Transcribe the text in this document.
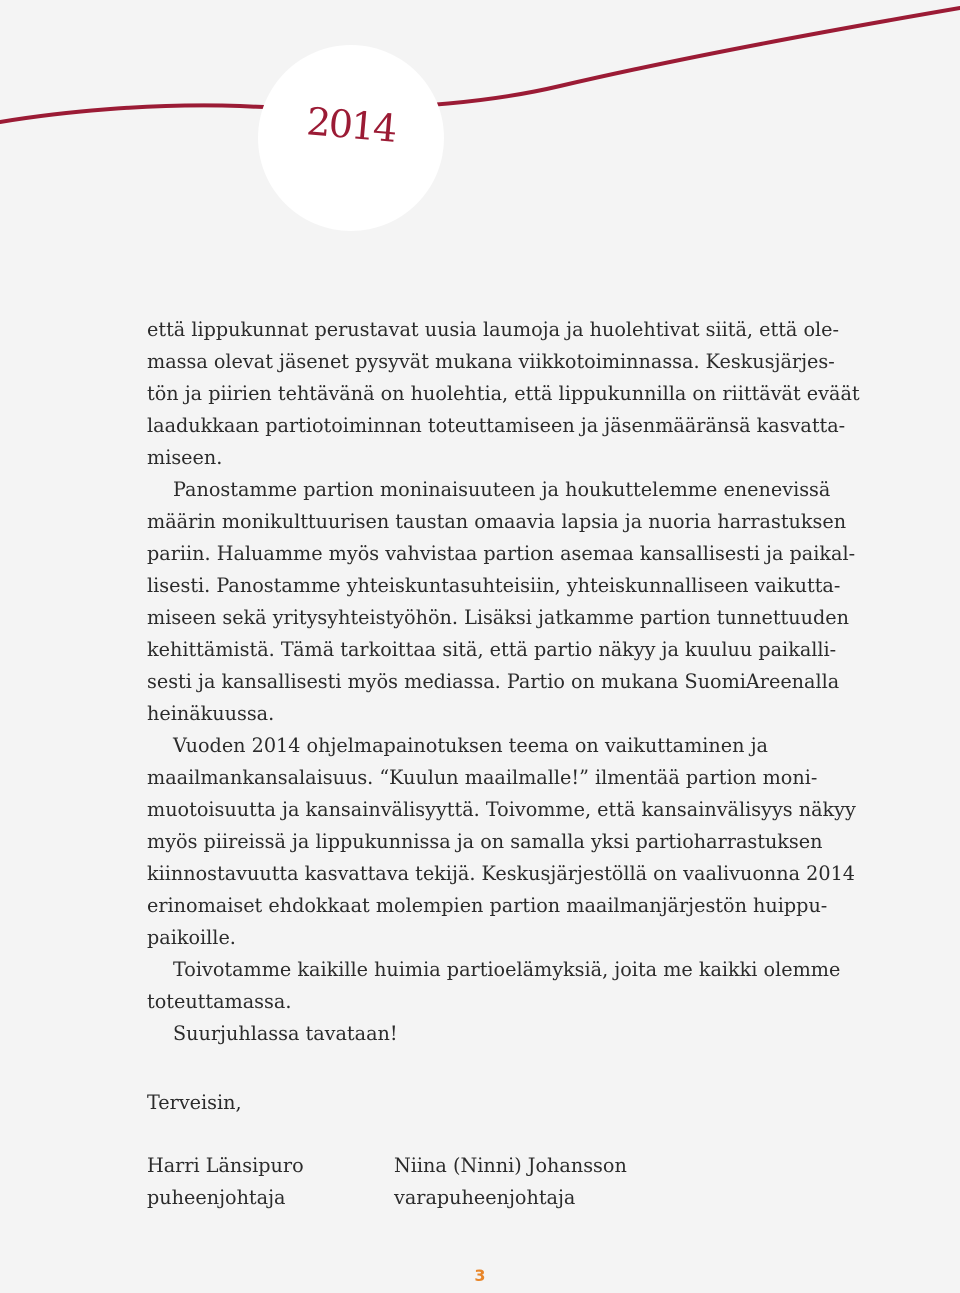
2014

että lippukunnat perustavat uusia laumoja ja huolehtivat siitä, että ole-
massa olevat jäsenet pysyvät mukana viikkotoiminnassa. Keskusjärjes-
tön ja piirien tehtävänä on huolehtia, että lippukunnilla on riittävät eväät
laadukkaan partiotoiminnan toteuttamiseen ja jäsenmääränsä kasvatta-
miseen.

Panostamme partion moninaisuuteen ja houkuttelemme enenevissä
määrin monikulttuurisen taustan omaavia lapsia ja nuoria harrastuksen
pariin. Haluamme myös vahvistaa partion asemaa kansallisesti ja paikal-
lisesti. Panostamme yhteiskuntasuhteisiin, yhteiskunnalliseen vaikutta-
miseen sekä yritysyhteistyöhön. Lisäksi jatkamme partion tunnettuuden
kehittämistä. Tämä tarkoittaa sitä, että partio näkyy ja kuuluu paikalli-
sesti ja kansallisesti myös mediassa. Partio on mukana SuomiAreenalla
heinäkuussa.

Vuoden 2014 ohjelmapainotuksen teema on vaikuttaminen ja
maailmankansalaisuus. “Kuulun maailmalle!” ilmentää partion moni-
muotoisuutta ja kansainvälisyyttä. Toivomme, että kansainvälisyys näkyy
myös piireissä ja lippukunnissa ja on samalla yksi partioharrastuksen
kiinnostavuutta kasvattava tekijä. Keskusjärjestöllä on vaalivuonna 2014
erinomaiset ehdokkaat molempien partion maailmanjärjestön huippu-
paikoille.

Toivotamme kaikille huimia partioelämyksiä, joita me kaikki olemme
toteuttamassa.

Suurjuhlassa tavataan!

Terveisin,
Harri Länsipuro
puheenjohtaja
Niina (Ninni) Johansson
varapuheenjohtaja
3
